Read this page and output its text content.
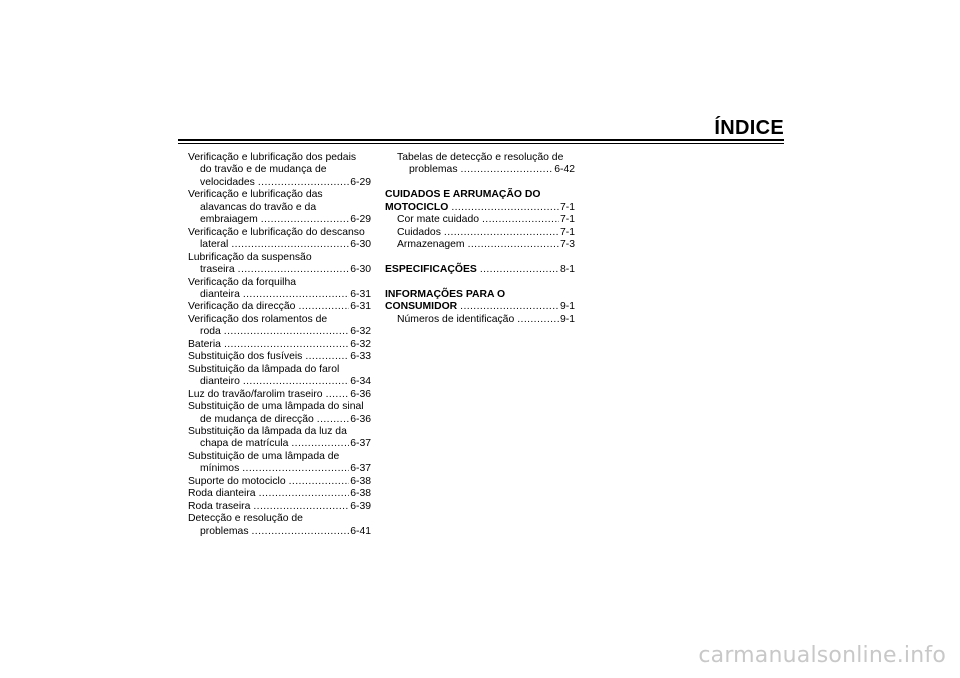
ÍNDICE
Verificação e lubrificação dos pedais
do travão e de mudança de
velocidades .....	6-29
Verificação e lubrificação das
alavancas do travão e da
embraiagem .....	6-29
Verificação e lubrificação do descanso
lateral .....	6-30
Lubrificação da suspensão
traseira .....	6-30
Verificação da forquilha
dianteira .....	6-31
Verificação da direcção .....	6-31
Verificação dos rolamentos de
roda .....	6-32
Bateria .....	6-32
Substituição dos fusíveis .....	6-33
Substituição da lâmpada do farol
dianteiro .....	6-34
Luz do travão/farolim traseiro .....	6-36
Substituição de uma lâmpada do sinal
de mudança de direcção .....	6-36
Substituição da lâmpada da luz da
chapa de matrícula .....	6-37
Substituição de uma lâmpada de
mínimos .....	6-37
Suporte do motociclo .....	6-38
Roda dianteira .....	6-38
Roda traseira .....	6-39
Detecção e resolução de
problemas .....	6-41
Tabelas de detecção e resolução de
problemas .....	6-42
CUIDADOS E ARRUMAÇÃO DO
MOTOCICLO .....	7-1
Cor mate cuidado .....	7-1
Cuidados .....	7-1
Armazenagem .....	7-3
ESPECIFICAÇÕES .....	8-1
INFORMAÇÕES PARA O
CONSUMIDOR .....	9-1
Números de identificação .....	9-1
carmanualsonline.info
